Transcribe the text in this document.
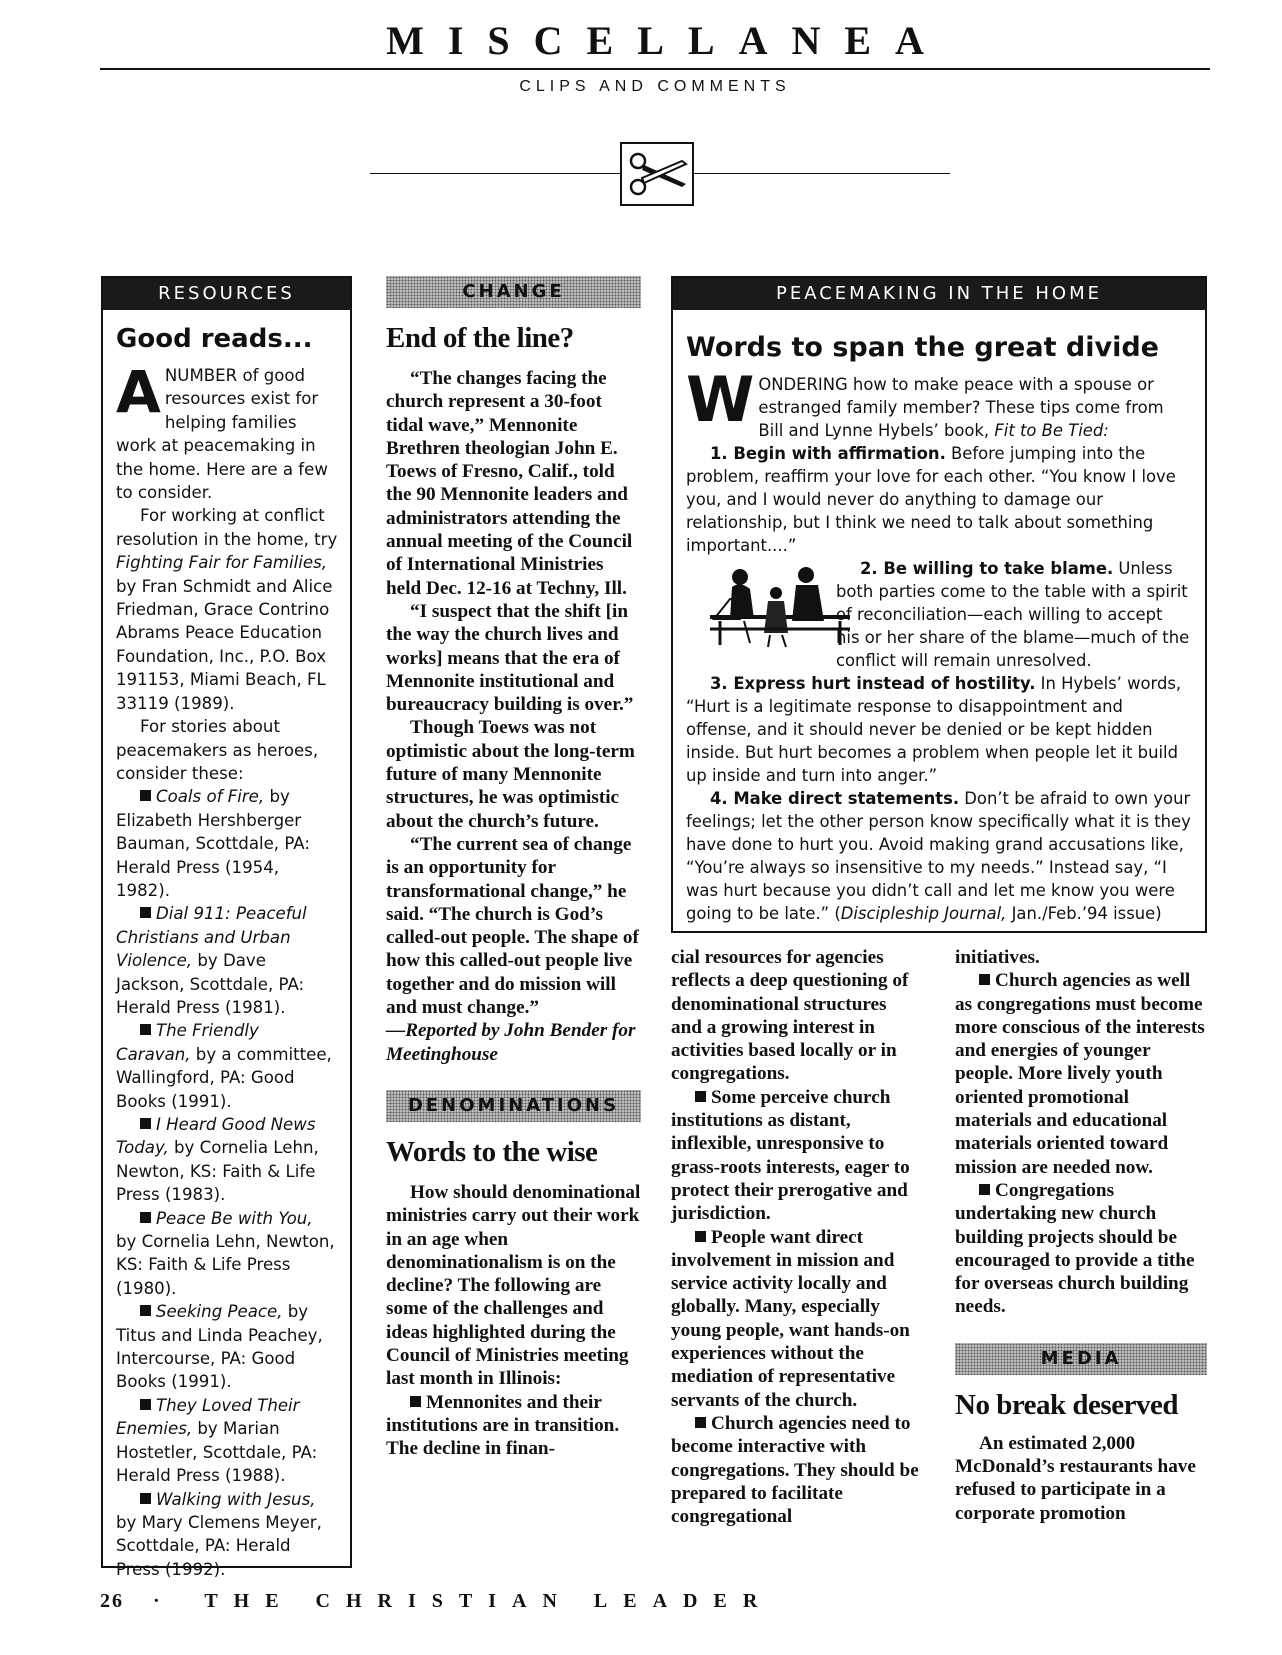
MISCELLANEA
CLIPS AND COMMENTS
RESOURCES
Good reads...

ANUMBER of good resources exist for helping families work at peacemaking in the home. Here are a few to consider.

For working at conflict resolution in the home, try Fighting Fair for Families, by Fran Schmidt and Alice Friedman, Grace Contrino Abrams Peace Education Foundation, Inc., P.O. Box 191153, Miami Beach, FL 33119 (1989).

For stories about peacemakers as heroes, consider these:

Coals of Fire, by Elizabeth Hershberger Bauman, Scottdale, PA: Herald Press (1954, 1982).

Dial 911: Peaceful Christians and Urban Violence, by Dave Jackson, Scottdale, PA: Herald Press (1981).

The Friendly Caravan, by a committee, Wallingford, PA: Good Books (1991).

I Heard Good News Today, by Cornelia Lehn, Newton, KS: Faith & Life Press (1983).

Peace Be with You, by Cornelia Lehn, Newton, KS: Faith & Life Press (1980).

Seeking Peace, by Titus and Linda Peachey, Intercourse, PA: Good Books (1991).

They Loved Their Enemies, by Marian Hostetler, Scottdale, PA: Herald Press (1988).

Walking with Jesus, by Mary Clemens Meyer, Scottdale, PA: Herald Press (1992).

CHANGE
End of the line?

“The changes facing the church represent a 30-foot tidal wave,” Mennonite Brethren theologian John E. Toews of Fresno, Calif., told the 90 Mennonite leaders and administrators attending the annual meeting of the Council of International Ministries held Dec. 12-16 at Techny, Ill.

“I suspect that the shift [in the way the church lives and works] means that the era of Mennonite institutional and bureaucracy building is over.”

Though Toews was not optimistic about the long-term future of many Mennonite structures, he was optimistic about the church’s future.

“The current sea of change is an opportunity for transformational change,” he said. “The church is God’s called-out people. The shape of how this called-out people live together and do mission will and must change.”

—Reported by John Bender for Meetinghouse

DENOMINATIONS
Words to the wise

How should denominational ministries carry out their work in an age when denominationalism is on the decline? The following are some of the challenges and ideas highlighted during the Council of Ministries meeting last month in Illinois:

Mennonites and their institutions are in transition. The decline in finan-

PEACEMAKING IN THE HOME
Words to span the great divide

WONDERING how to make peace with a spouse or estranged family member? These tips come from Bill and Lynne Hybels’ book, Fit to Be Tied:

1. Begin with affirmation. Before jumping into the problem, reaffirm your love for each other. “You know I love you, and I would never do anything to damage our relationship, but I think we need to talk about something important....”

2. Be willing to take blame. Unless both parties come to the table with a spirit of reconciliation—each willing to accept his or her share of the blame—much of the conflict will remain unresolved.

3. Express hurt instead of hostility. In Hybels’ words, “Hurt is a legitimate response to disappointment and offense, and it should never be denied or be kept hidden inside. But hurt becomes a problem when people let it build up inside and turn into anger.”

4. Make direct statements. Don’t be afraid to own your feelings; let the other person know specifically what it is they have done to hurt you. Avoid making grand accusations like, “You’re always so insensitive to my needs.” Instead say, “I was hurt because you didn’t call and let me know you were going to be late.” (Discipleship Journal, Jan./Feb.’94 issue)

cial resources for agencies reflects a deep questioning of denominational structures and a growing interest in activities based locally or in congregations.

Some perceive church institutions as distant, inflexible, unresponsive to grass-roots interests, eager to protect their prerogative and jurisdiction.

People want direct involvement in mission and service activity locally and globally. Many, especially young people, want hands-on experiences without the mediation of representative servants of the church.

Church agencies need to become interactive with congregations. They should be prepared to facilitate congregational

initiatives.

Church agencies as well as congregations must become more conscious of the interests and energies of younger people. More lively youth oriented promotional materials and educational materials oriented toward mission are needed now.

Congregations undertaking new church building projects should be encouraged to provide a tithe for overseas church building needs.

MEDIA
No break deserved

An estimated 2,000 McDonald’s restaurants have refused to participate in a corporate promotion

26 · THE CHRISTIAN LEADER
